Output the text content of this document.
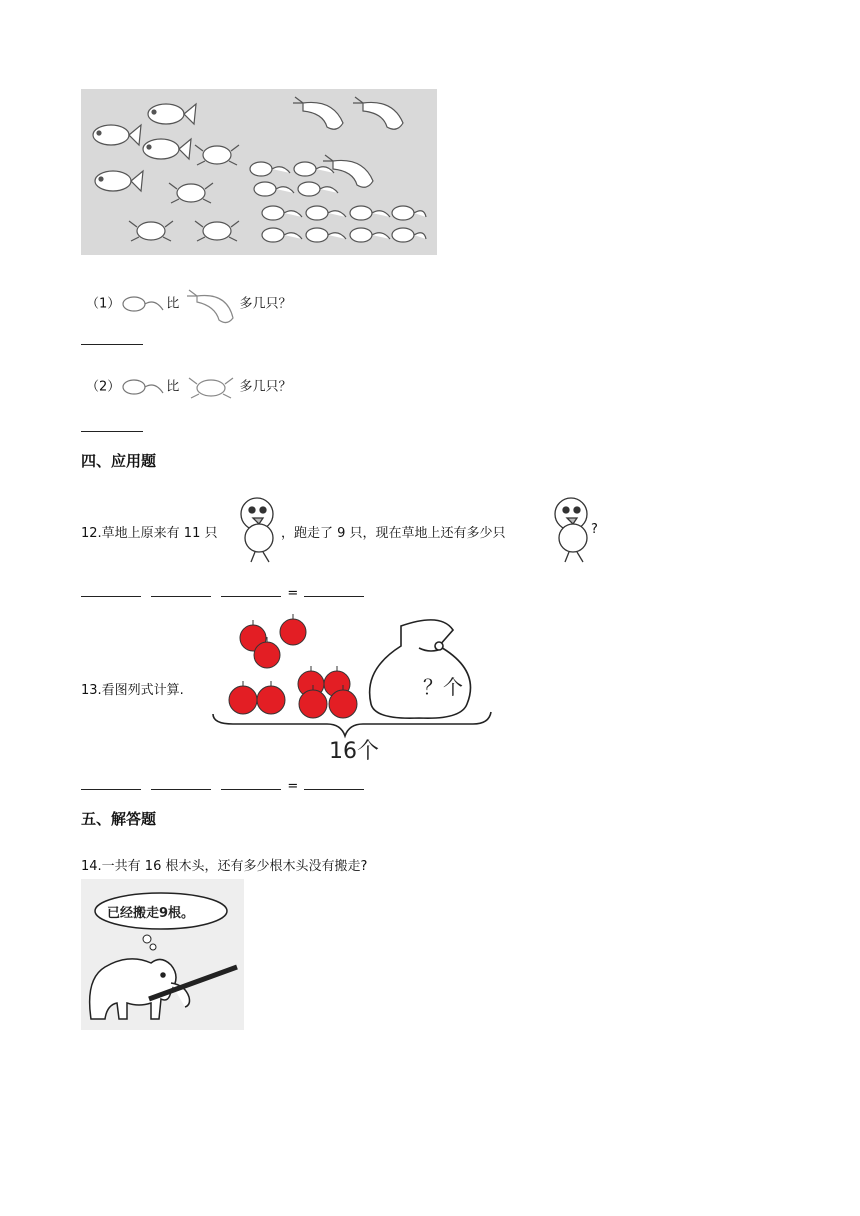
（1）	比	多几只？
（2）	比	多几只？
四、应用题
12.草地上原来有 11 只	，跑走了 9 只，现在草地上还有多少只	?
=
13.看图列式计算.	？个
16个
=
五、解答题
14.一共有 16 根木头，还有多少根木头没有搬走?
已经搬走9根。
